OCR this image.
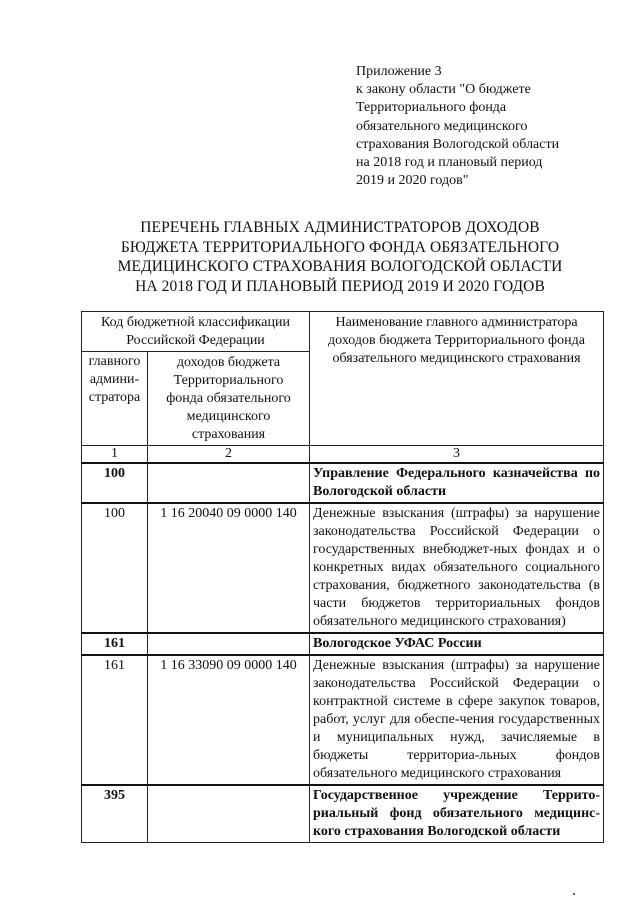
Приложение 3
к закону области "О бюджете
Территориального фонда
обязательного медицинского
страхования Вологодской области
на 2018 год и плановый период
2019 и 2020 годов"
ПЕРЕЧЕНЬ ГЛАВНЫХ АДМИНИСТРАТОРОВ ДОХОДОВ
БЮДЖЕТА ТЕРРИТОРИАЛЬНОГО ФОНДА ОБЯЗАТЕЛЬНОГО
МЕДИЦИНСКОГО СТРАХОВАНИЯ ВОЛОГОДСКОЙ ОБЛАСТИ
НА 2018 ГОД И ПЛАНОВЫЙ ПЕРИОД 2019 И 2020 ГОДОВ
Код бюджетной классификации Российской Федерации		Наименование главного администратора доходов бюджета Территориального фонда обязательного медицинского страхования
главного админи-стратора	доходов бюджета Территориального фонда обязательного медицинского страхования	
1	2	3
100		Управление Федерального казначейства по Вологодской области
100	1 16 20040 09 0000 140	Денежные взыскания (штрафы) за нарушение законодательства Российской Федерации о государственных внебюджет-ных фондах и о конкретных видах обязательного социального страхования, бюджетного законодательства (в части бюджетов территориальных фондов обязательного медицинского страхования)
161		Вологодское УФАС России
161	1 16 33090 09 0000 140	Денежные взыскания (штрафы) за нарушение законодательства Российской Федерации о контрактной системе в сфере закупок товаров, работ, услуг для обеспе-чения государственных и муниципальных нужд, зачисляемые в бюджеты территориа-льных фондов обязательного медицинского страхования
395		Государственное учреждение Террито-риальный фонд обязательного медицинс-кого страхования Вологодской области
